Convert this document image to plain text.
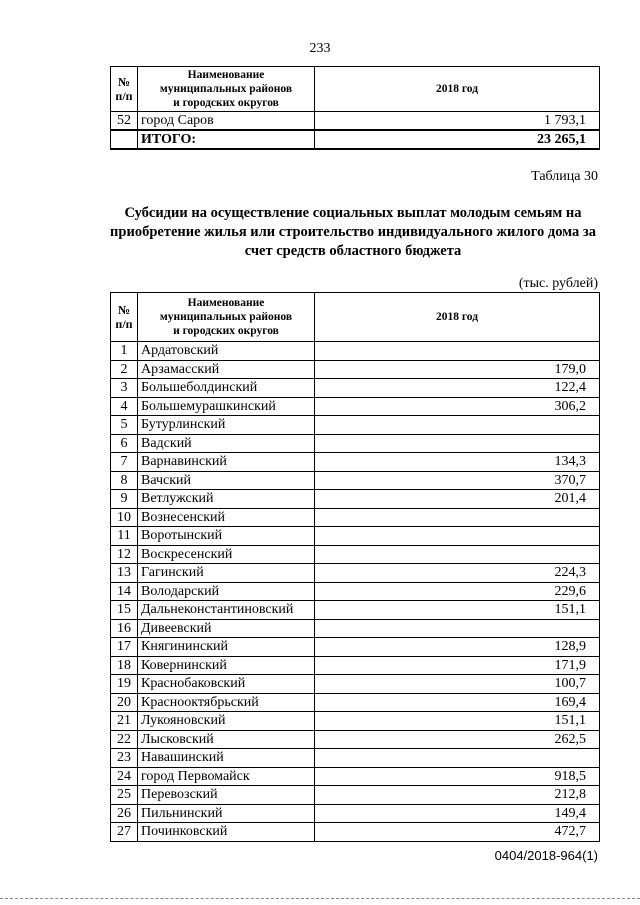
233
№
п/п	Наименование
муниципальных районов
и городских округов	2018 год
52	город Саров	1 793,1
	ИТОГО:	23 265,1
Таблица 30
Субсидии на осуществление социальных выплат молодым семьям на приобретение жилья или строительство индивидуального жилого дома за счет средств областного бюджета
(тыс. рублей)
№
п/п	Наименование
муниципальных районов
и городских округов	2018 год
1	Ардатовский	
2	Арзамасский	179,0
3	Большеболдинский	122,4
4	Большемурашкинский	306,2
5	Бутурлинский	
6	Вадский	
7	Варнавинский	134,3
8	Вачский	370,7
9	Ветлужский	201,4
10	Вознесенский	
11	Воротынский	
12	Воскресенский	
13	Гагинский	224,3
14	Володарский	229,6
15	Дальнеконстантиновский	151,1
16	Дивеевский	
17	Княгининский	128,9
18	Ковернинский	171,9
19	Краснобаковский	100,7
20	Краснооктябрьский	169,4
21	Лукояновский	151,1
22	Лысковский	262,5
23	Навашинский	
24	город Первомайск	918,5
25	Перевозский	212,8
26	Пильнинский	149,4
27	Починковский	472,7
0404/2018-964(1)
